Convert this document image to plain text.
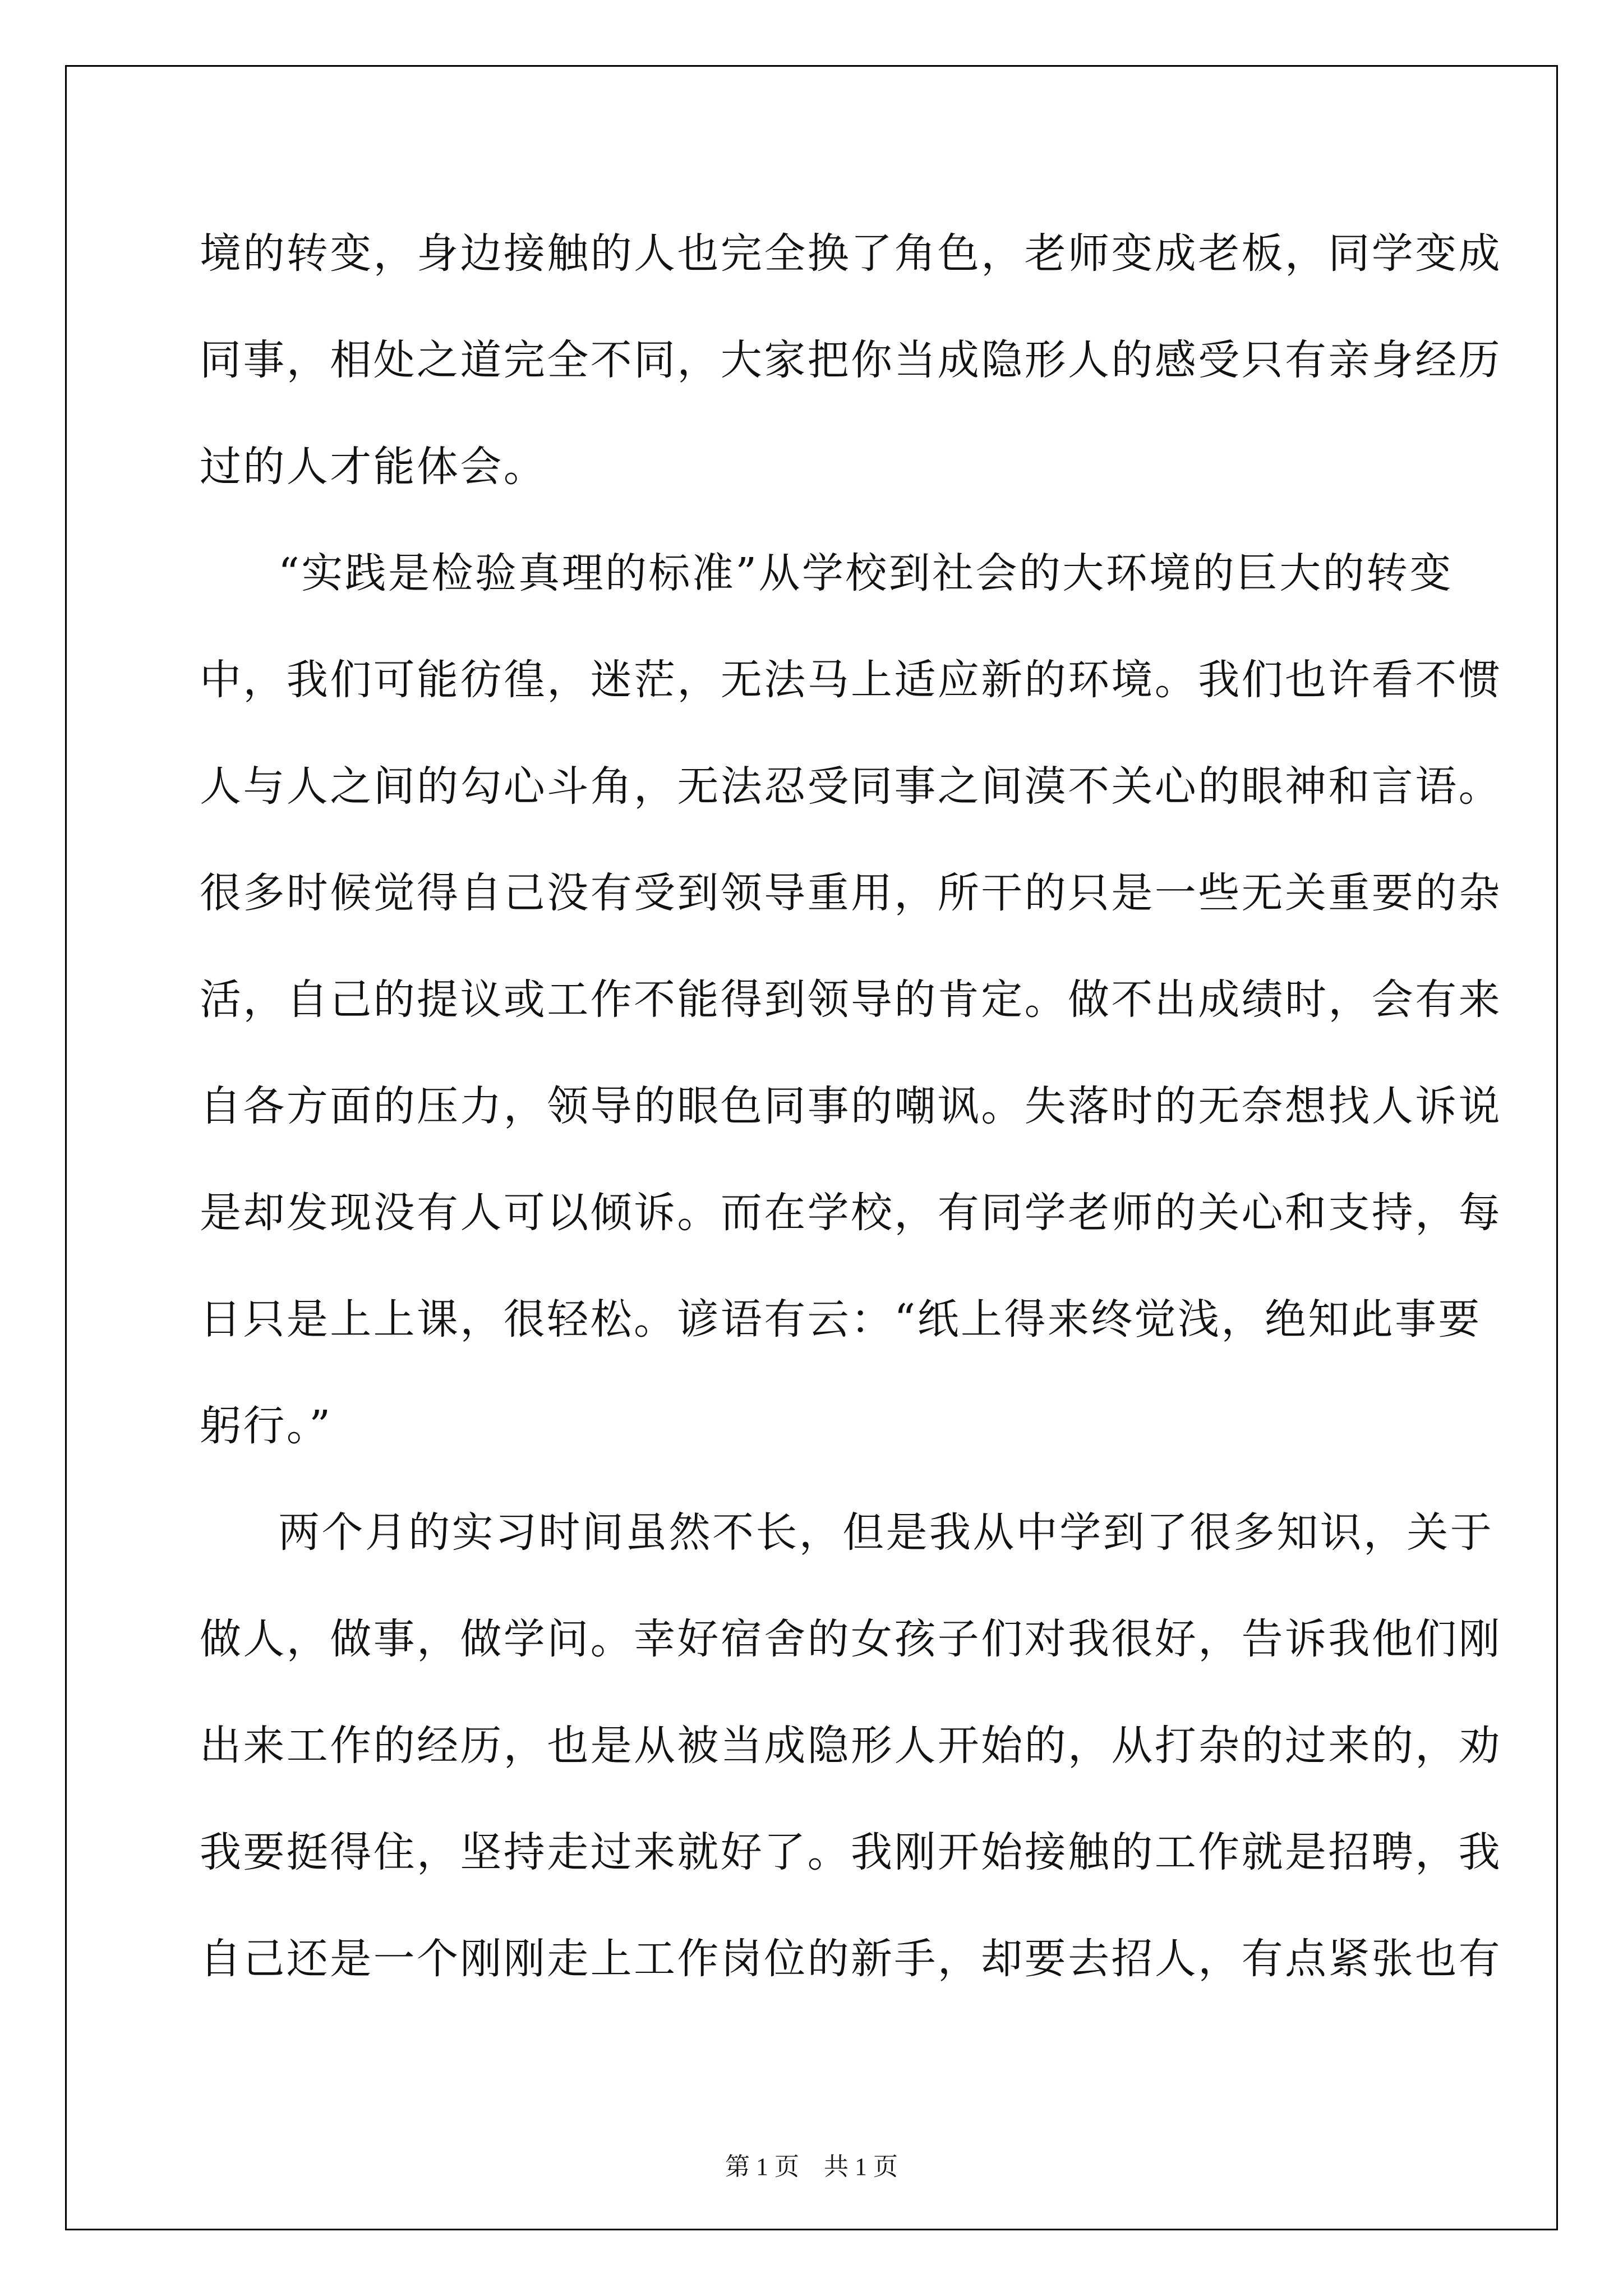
境的转变，身边接触的人也完全换了角色，老师变成老板，同学变成

同事，相处之道完全不同，大家把你当成隐形人的感受只有亲身经历

过的人才能体会。

“实践是检验真理的标准”从学校到社会的大环境的巨大的转变

中，我们可能彷徨，迷茫，无法马上适应新的环境。我们也许看不惯

人与人之间的勾心斗角，无法忍受同事之间漠不关心的眼神和言语。

很多时候觉得自己没有受到领导重用，所干的只是一些无关重要的杂

活，自己的提议或工作不能得到领导的肯定。做不出成绩时，会有来

自各方面的压力，领导的眼色同事的嘲讽。失落时的无奈想找人诉说

是却发现没有人可以倾诉。而在学校，有同学老师的关心和支持，每

日只是上上课，很轻松。谚语有云：“纸上得来终觉浅，绝知此事要

躬行。”

两个月的实习时间虽然不长，但是我从中学到了很多知识，关于

做人，做事，做学问。幸好宿舍的女孩子们对我很好，告诉我他们刚

出来工作的经历，也是从被当成隐形人开始的，从打杂的过来的，劝

我要挺得住，坚持走过来就好了。我刚开始接触的工作就是招聘，我

自己还是一个刚刚走上工作岗位的新手，却要去招人，有点紧张也有

第 1 页　共 1 页
